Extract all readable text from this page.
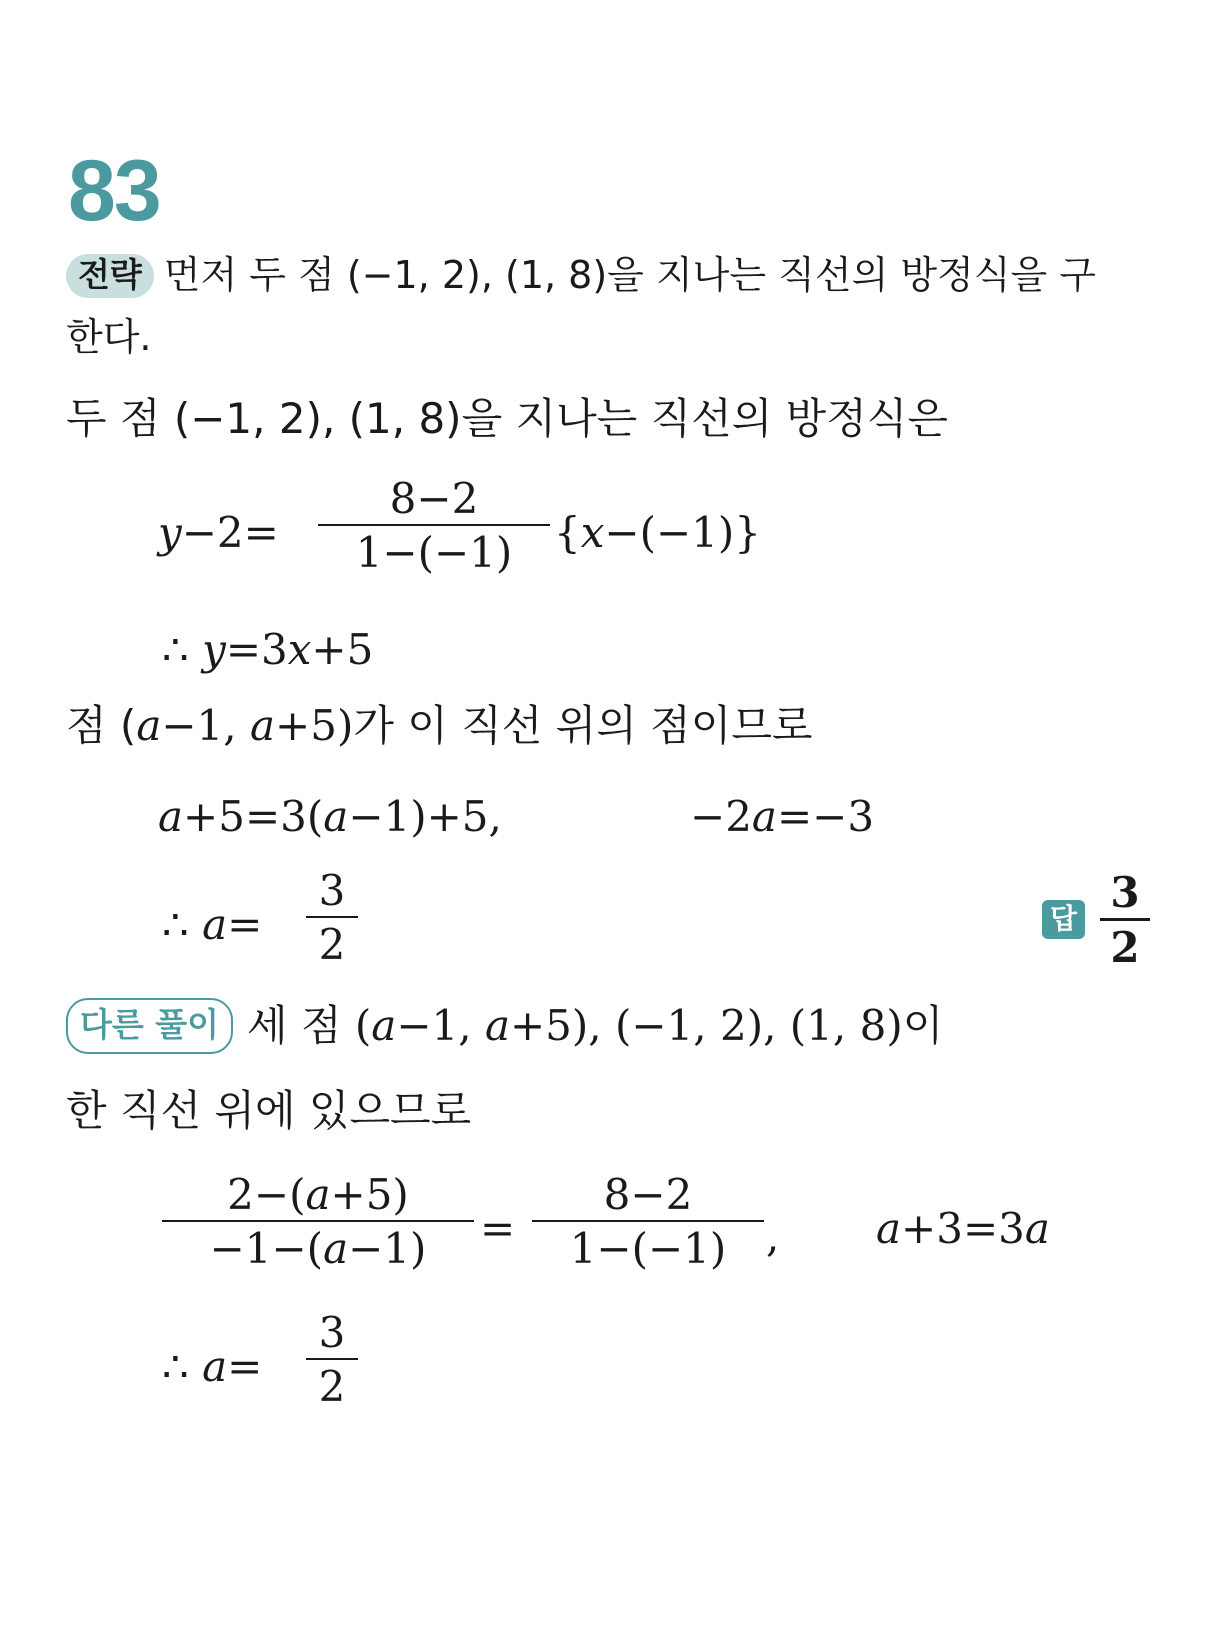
83
전략 먼저 두 점 (−1, 2), (1, 8)을 지나는 직선의 방정식을 구
한다.
두 점 (−1, 2), (1, 8)을 지나는 직선의 방정식은
y−2=
8−2
1−(−1) {x−(−1)}
∴ y=3x+5
점 (a−1, a+5)가 이 직선 위의 점이므로
a+5=3(a−1)+5,	−2a=−3
∴ a=
3
2
답
3
2
다른 풀이 세 점 (a−1, a+5), (−1, 2), (1, 8)이
한 직선 위에 있으므로
2−(a+5)
−1−(a−1)	=
8−2
1−(−1) , a+3=3a
∴ a=
3
2
